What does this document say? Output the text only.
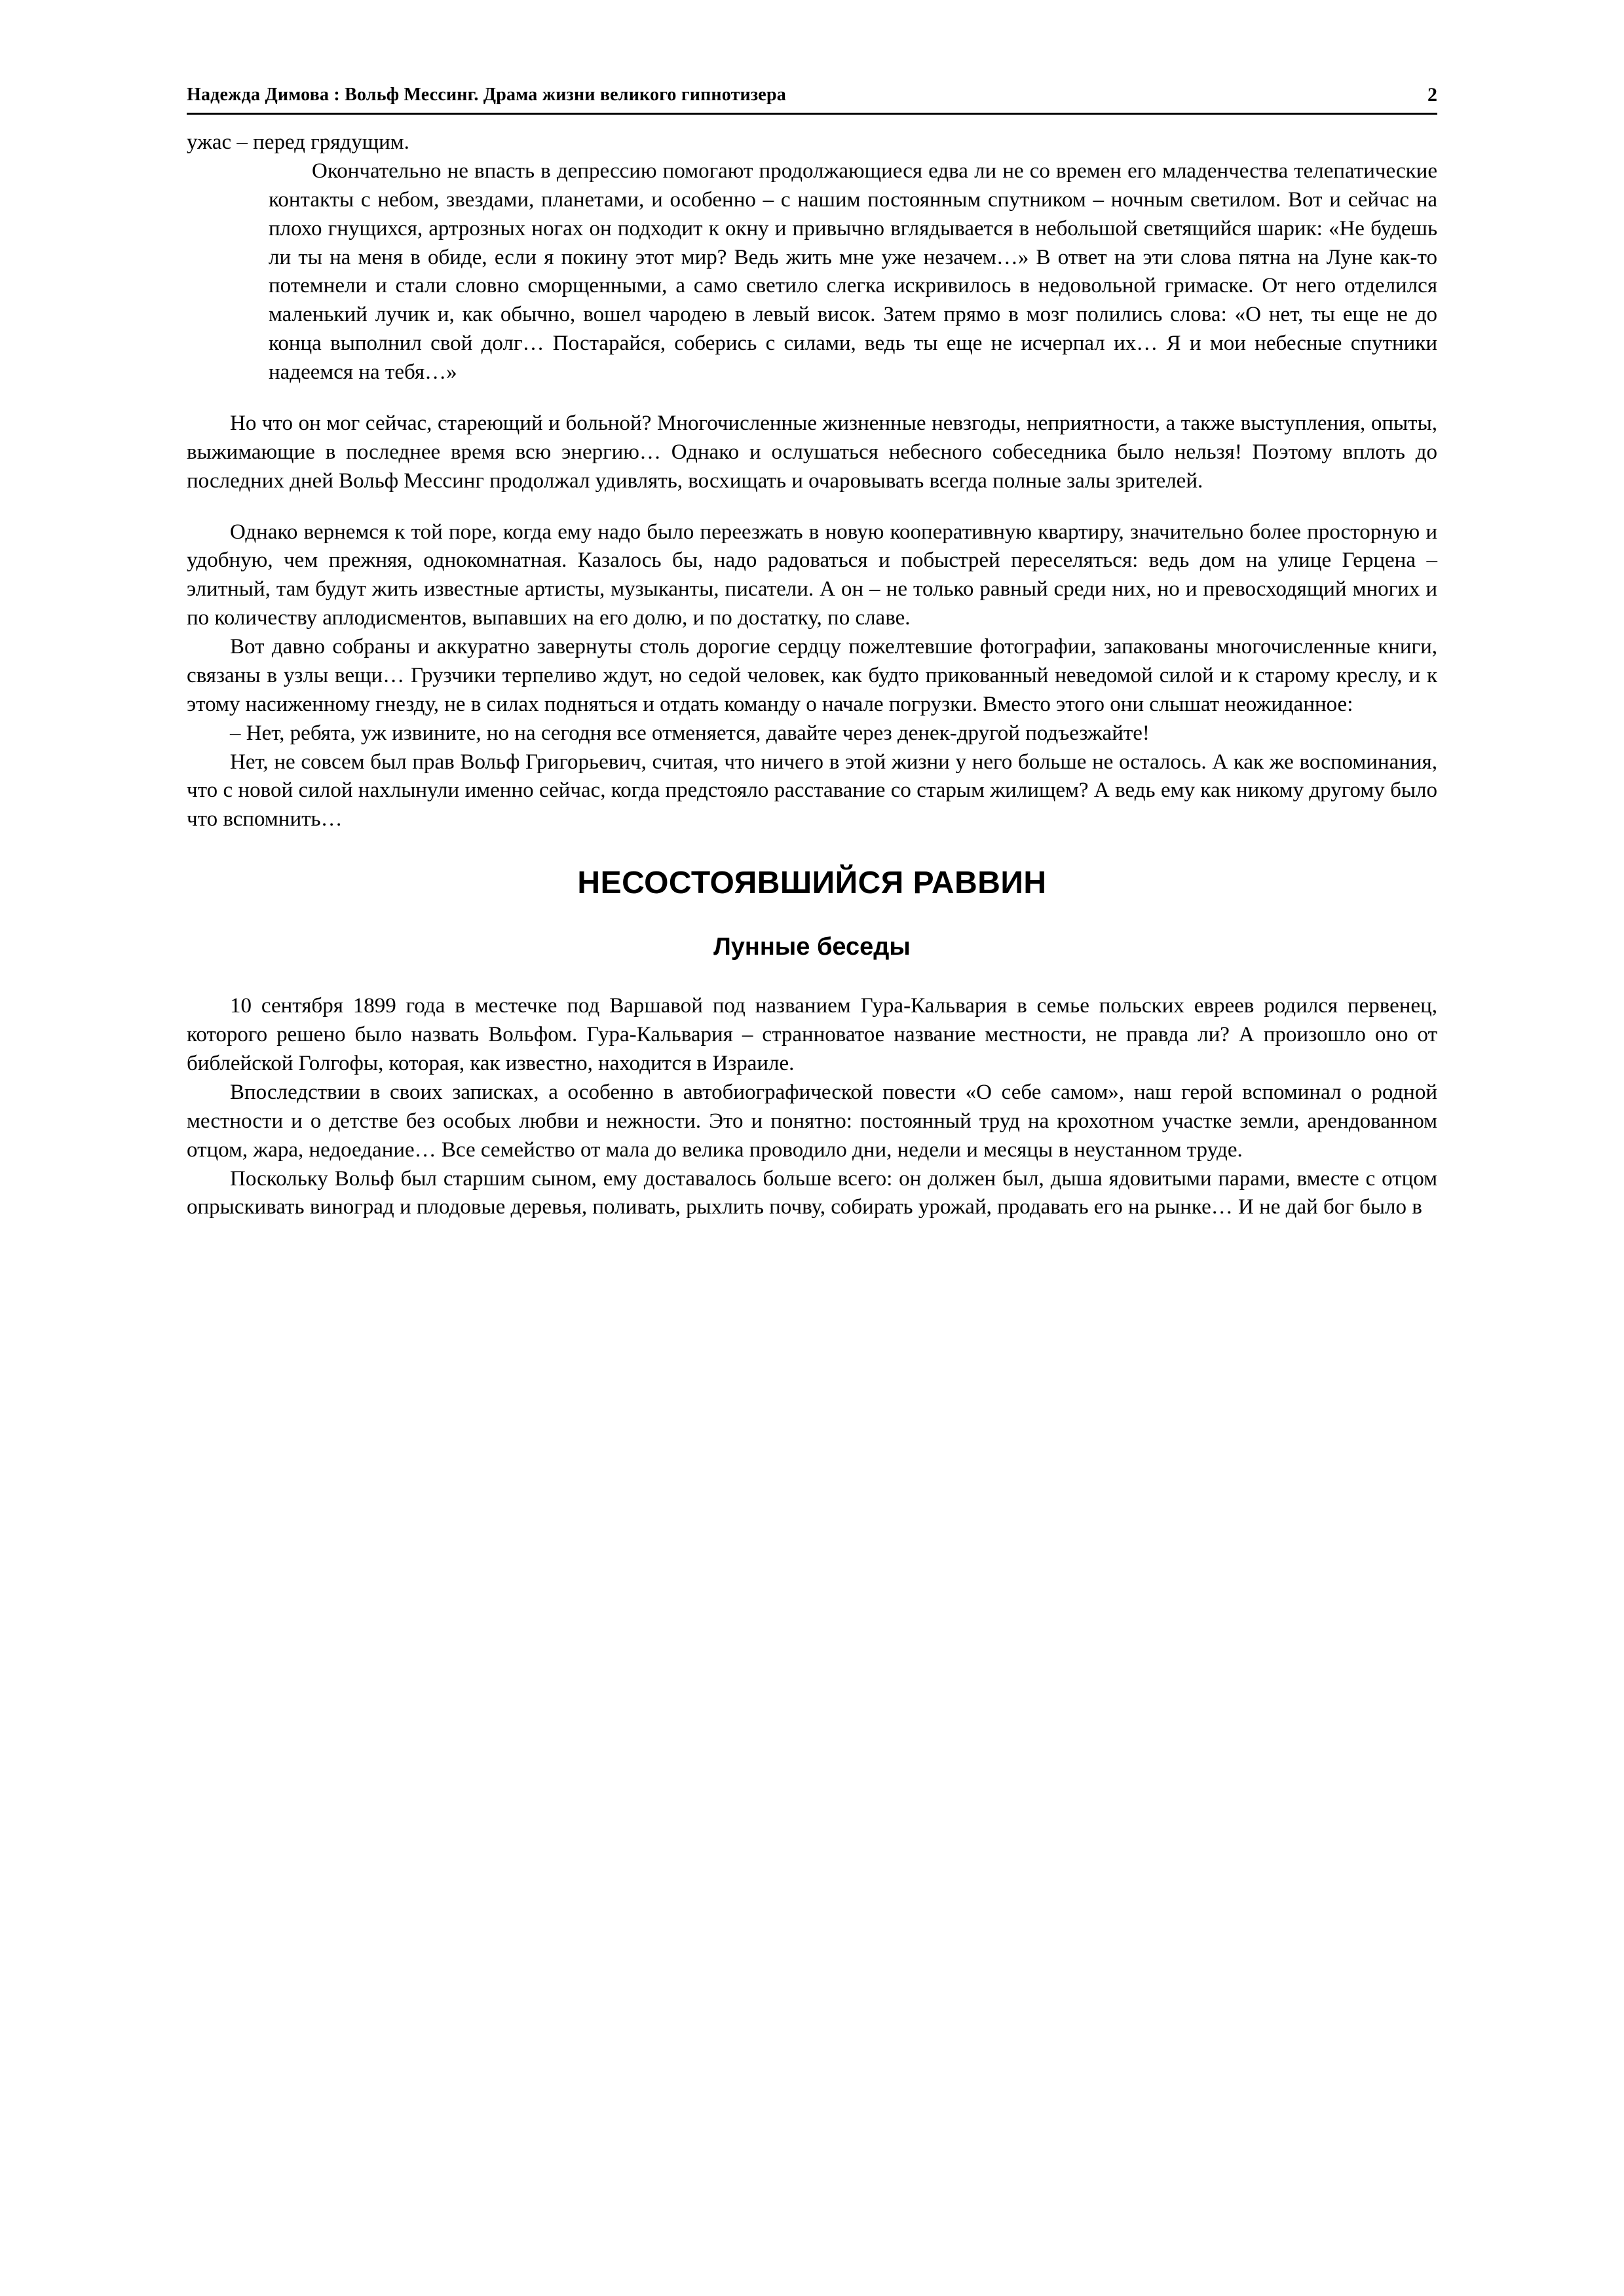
Надежда Димова : Вольф Мессинг. Драма жизни великого гипнотизера	2

ужас – перед грядущим.

Окончательно не впасть в депрессию помогают продолжающиеся едва ли не со времен его младенчества телепатические контакты с небом, звездами, планетами, и особенно – с нашим постоянным спутником – ночным светилом. Вот и сейчас на плохо гнущихся, артрозных ногах он подходит к окну и привычно вглядывается в небольшой светящийся шарик: «Не будешь ли ты на меня в обиде, если я покину этот мир? Ведь жить мне уже незачем…» В ответ на эти слова пятна на Луне как-то потемнели и стали словно сморщенными, а само светило слегка искривилось в недовольной гримаске. От него отделился маленький лучик и, как обычно, вошел чародею в левый висок. Затем прямо в мозг полились слова: «О нет, ты еще не до конца выполнил свой долг… Постарайся, соберись с силами, ведь ты еще не исчерпал их… Я и мои небесные спутники надеемся на тебя…»

Но что он мог сейчас, стареющий и больной? Многочисленные жизненные невзгоды, неприятности, а также выступления, опыты, выжимающие в последнее время всю энергию… Однако и ослушаться небесного собеседника было нельзя! Поэтому вплоть до последних дней Вольф Мессинг продолжал удивлять, восхищать и очаровывать всегда полные залы зрителей.

Однако вернемся к той поре, когда ему надо было переезжать в новую кооперативную квартиру, значительно более просторную и удобную, чем прежняя, однокомнатная. Казалось бы, надо радоваться и побыстрей переселяться: ведь дом на улице Герцена – элитный, там будут жить известные артисты, музыканты, писатели. А он – не только равный среди них, но и превосходящий многих и по количеству аплодисментов, выпавших на его долю, и по достатку, по славе.

Вот давно собраны и аккуратно завернуты столь дорогие сердцу пожелтевшие фотографии, запакованы многочисленные книги, связаны в узлы вещи… Грузчики терпеливо ждут, но седой человек, как будто прикованный неведомой силой и к старому креслу, и к этому насиженному гнезду, не в силах подняться и отдать команду о начале погрузки. Вместо этого они слышат неожиданное:

– Нет, ребята, уж извините, но на сегодня все отменяется, давайте через денек-другой подъезжайте!

Нет, не совсем был прав Вольф Григорьевич, считая, что ничего в этой жизни у него больше не осталось. А как же воспоминания, что с новой силой нахлынули именно сейчас, когда предстояло расставание со старым жилищем? А ведь ему как никому другому было что вспомнить…

НЕСОСТОЯВШИЙСЯ РАВВИН
Лунные беседы

10 сентября 1899 года в местечке под Варшавой под названием Гура-Кальвария в семье польских евреев родился первенец, которого решено было назвать Вольфом. Гура-Кальвария – странноватое название местности, не правда ли? А произошло оно от библейской Голгофы, которая, как известно, находится в Израиле.

Впоследствии в своих записках, а особенно в автобиографической повести «О себе самом», наш герой вспоминал о родной местности и о детстве без особых любви и нежности. Это и понятно: постоянный труд на крохотном участке земли, арендованном отцом, жара, недоедание… Все семейство от мала до велика проводило дни, недели и месяцы в неустанном труде.

Поскольку Вольф был старшим сыном, ему доставалось больше всего: он должен был, дыша ядовитыми парами, вместе с отцом опрыскивать виноград и плодовые деревья, поливать, рыхлить почву, собирать урожай, продавать его на рынке… И не дай бог было в
